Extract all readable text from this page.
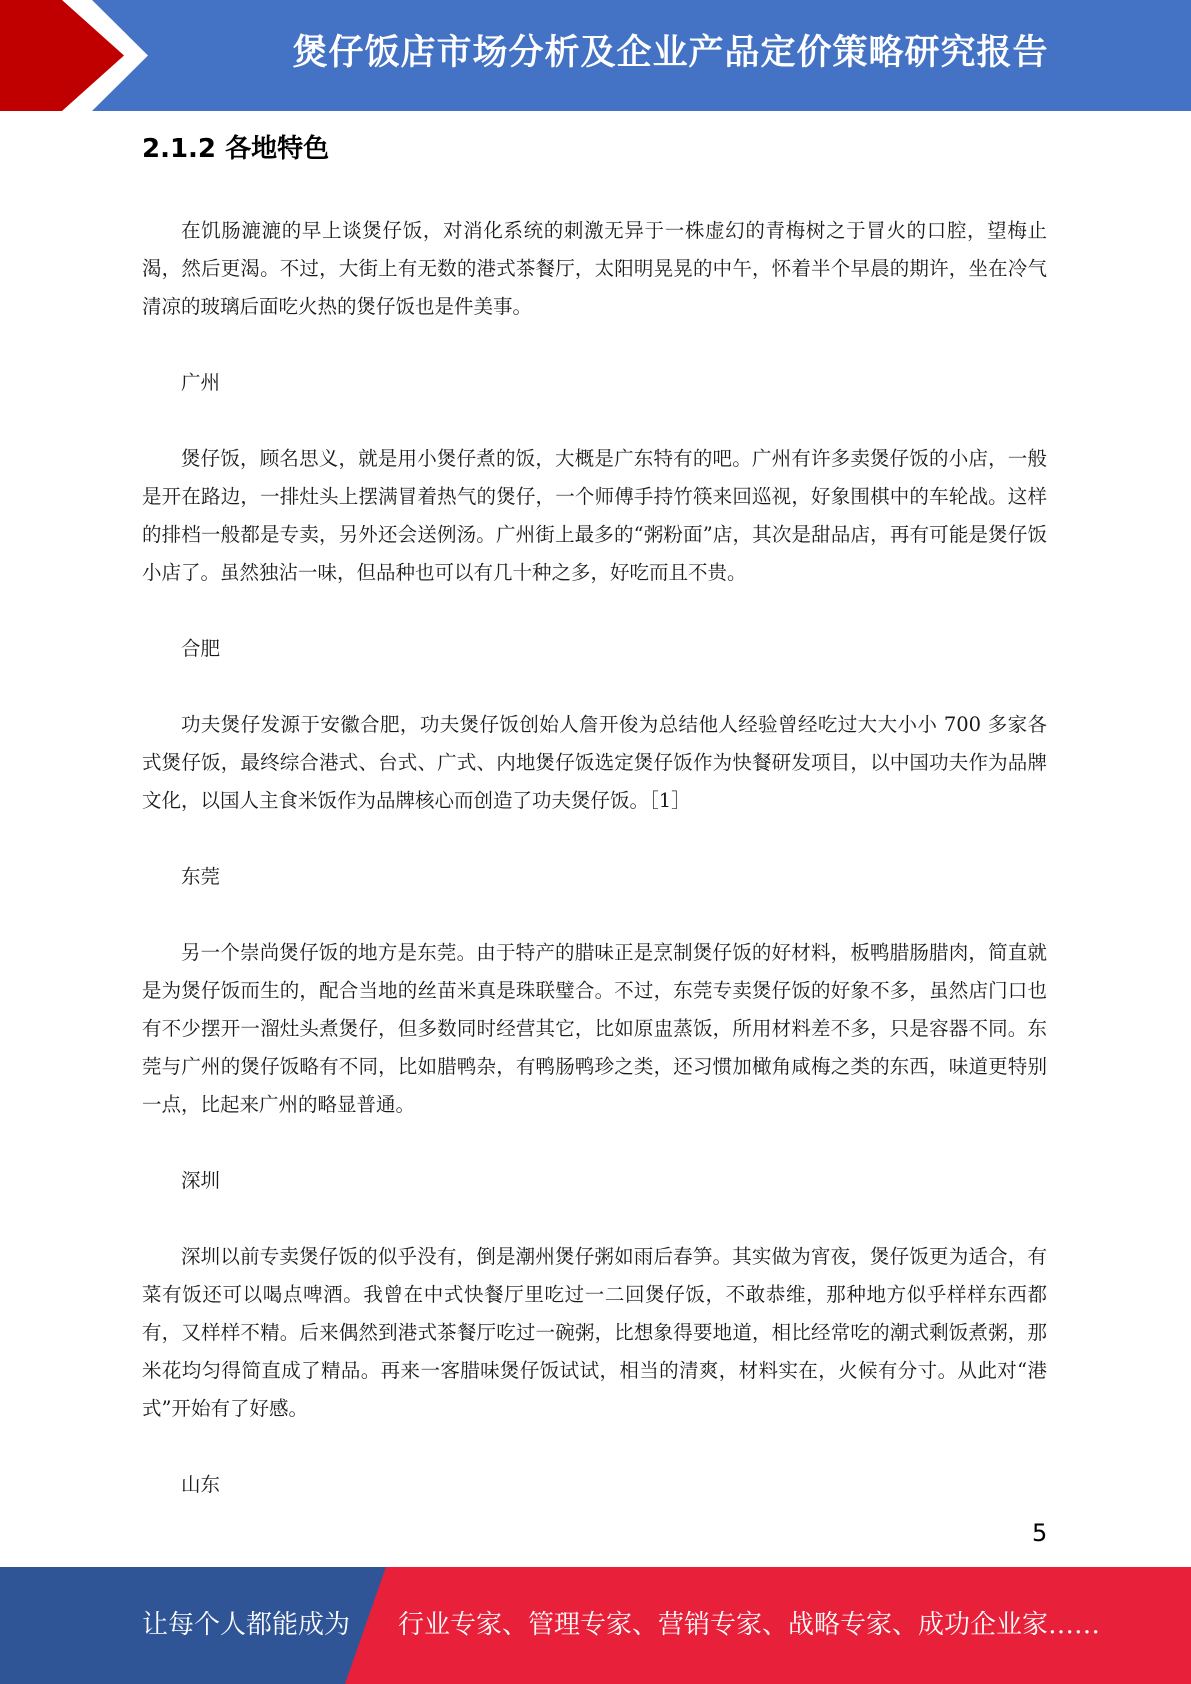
煲仔饭店市场分析及企业产品定价策略研究报告
2.1.2 各地特色

在饥肠漉漉的早上谈煲仔饭，对消化系统的刺激无异于一株虚幻的青梅树之于冒火的口腔，望梅止渴，然后更渴。不过，大街上有无数的港式茶餐厅，太阳明晃晃的中午，怀着半个早晨的期许，坐在冷气清凉的玻璃后面吃火热的煲仔饭也是件美事。

广州

煲仔饭，顾名思义，就是用小煲仔煮的饭，大概是广东特有的吧。广州有许多卖煲仔饭的小店，一般是开在路边，一排灶头上摆满冒着热气的煲仔，一个师傅手持竹筷来回巡视，好象围棋中的车轮战。这样的排档一般都是专卖，另外还会送例汤。广州街上最多的“粥粉面”店，其次是甜品店，再有可能是煲仔饭小店了。虽然独沾一味，但品种也可以有几十种之多，好吃而且不贵。

合肥

功夫煲仔发源于安徽合肥，功夫煲仔饭创始人詹开俊为总结他人经验曾经吃过大大小小 700 多家各式煲仔饭，最终综合港式、台式、广式、内地煲仔饭选定煲仔饭作为快餐研发项目，以中国功夫作为品牌文化，以国人主食米饭作为品牌核心而创造了功夫煲仔饭。［1］

东莞

另一个崇尚煲仔饭的地方是东莞。由于特产的腊味正是烹制煲仔饭的好材料，板鸭腊肠腊肉，简直就是为煲仔饭而生的，配合当地的丝苗米真是珠联璧合。不过，东莞专卖煲仔饭的好象不多，虽然店门口也有不少摆开一溜灶头煮煲仔，但多数同时经营其它，比如原盅蒸饭，所用材料差不多，只是容器不同。东莞与广州的煲仔饭略有不同，比如腊鸭杂，有鸭肠鸭珍之类，还习惯加橄角咸梅之类的东西，味道更特别一点，比起来广州的略显普通。

深圳

深圳以前专卖煲仔饭的似乎没有，倒是潮州煲仔粥如雨后春笋。其实做为宵夜，煲仔饭更为适合，有菜有饭还可以喝点啤酒。我曾在中式快餐厅里吃过一二回煲仔饭，不敢恭维，那种地方似乎样样东西都有，又样样不精。后来偶然到港式茶餐厅吃过一碗粥，比想象得要地道，相比经常吃的潮式剩饭煮粥，那米花均匀得简直成了精品。再来一客腊味煲仔饭试试，相当的清爽，材料实在，火候有分寸。从此对“港式”开始有了好感。

山东

5
让每个人都能成为 行业专家、管理专家、营销专家、战略专家、成功企业家……
